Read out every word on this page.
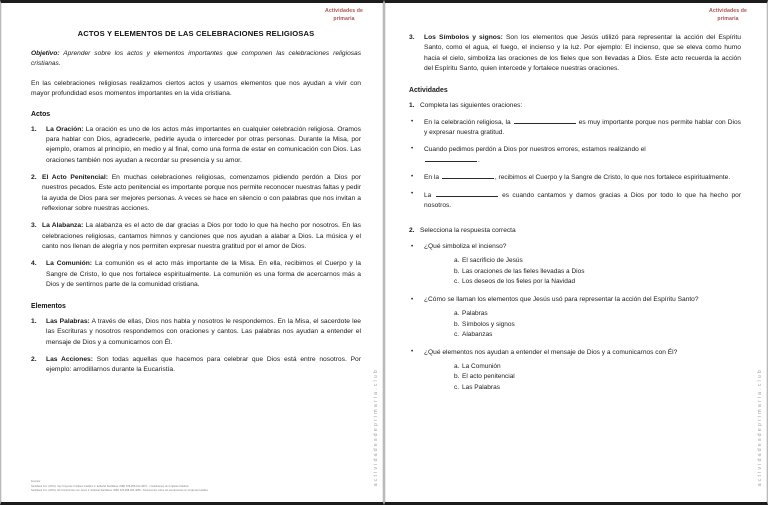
Actividades de
primaria
actividadesdeprimaria.club
ACTOS Y ELEMENTOS DE LAS CELEBRACIONES RELIGIOSAS

Objetivo: Aprender sobre los actos y elementos importantes que componen las celebraciones religiosas cristianas.

En las celebraciones religiosas realizamos ciertos actos y usamos elementos que nos ayudan a vivir con mayor profundidad esos momentos importantes en la vida cristiana.

Actos
1.	La Oración: La oración es uno de los actos más importantes en cualquier celebración religiosa. Oramos para hablar con Dios, agradecerle, pedirle ayuda o interceder por otras personas. Durante la Misa, por ejemplo, oramos al principio, en medio y al final, como una forma de estar en comunicación con Dios. Las oraciones también nos ayudan a recordar su presencia y su amor.
2. El Acto Penitencial: En muchas celebraciones religiosas, comenzamos pidiendo perdón a Dios por nuestros pecados. Este acto penitencial es importante porque nos permite reconocer nuestras faltas y pedir la ayuda de Dios para ser mejores personas. A veces se hace en silencio o con palabras que nos invitan a reflexionar sobre nuestras acciones.
3. La Alabanza: La alabanza es el acto de dar gracias a Dios por todo lo que ha hecho por nosotros. En las celebraciones religiosas, cantamos himnos y canciones que nos ayudan a alabar a Dios. La música y el canto nos llenan de alegría y nos permiten expresar nuestra gratitud por el amor de Dios.
4.	La Comunión: La comunión es el acto más importante de la Misa. En ella, recibimos el Cuerpo y la Sangre de Cristo, lo que nos fortalece espiritualmente. La comunión es una forma de acercarnos más a Dios y de sentirnos parte de la comunidad cristiana.
Elementos
1.	Las Palabras: A través de ellas, Dios nos habla y nosotros le respondemos. En la Misa, el sacerdote lee las Escrituras y nosotros respondemos con oraciones y cantos. Las palabras nos ayudan a entender el mensaje de Dios y a comunicarnos con Él.
2.	Las Acciones: Son todas aquellas que hacemos para celebrar que Dios está entre nosotros. Por ejemplo: arrodillarnos durante la Eucaristía.
Fuentes:
Santillana S.A. (2019). Soy Creyente Cristiano Católico 2. Editorial Santillana. ISBN 978-958-162-4876.- / Celebramos de la Iglesia Católica
Santillana S.A. (2019). Mi Compromiso con Jesús 2. Editorial Santillana. ISBN 978-958-003-4059.- Documentos sobre los sacramentos en la Iglesia Católica.
Actividades de
primaria
actividadesdeprimaria.club
3.	Los Símbolos y signos: Son los elementos que Jesús utilizó para representar la acción del Espíritu Santo, como el agua, el fuego, el incienso y la luz. Por ejemplo: El incienso, que se eleva como humo hacia el cielo, simboliza las oraciones de los fieles que son llevadas a Dios. Este acto recuerda la acción del Espíritu Santo, quien intercede y fortalece nuestras oraciones.
Actividades
1. Completa las siguientes oraciones:
• En la celebración religiosa, la	es muy importante porque nos permite hablar con Dios y expresar nuestra gratitud.
• Cuando pedimos perdón a Dios por nuestros errores, estamos realizando el
.
• En la	, recibimos el Cuerpo y la Sangre de Cristo, lo que nos fortalece espiritualmente.
• La	es cuando cantamos y damos gracias a Dios por todo lo que ha hecho por nosotros.
2. Selecciona la respuesta correcta
• ¿Qué simboliza el incienso?
a. El sacrificio de Jesús
b. Las oraciones de las fieles llevadas a Dios
c. Los deseos de los fieles por la Navidad
• ¿Cómo se llaman los elementos que Jesús usó para representar la acción del Espíritu Santo?
a. Palabras
b. Símbolos y signos
c. Alabanzas
• ¿Qué elementos nos ayudan a entender el mensaje de Dios y a comunicarnos con Él?
a. La Comunión
b. El acto penitencial
c. Las Palabras
